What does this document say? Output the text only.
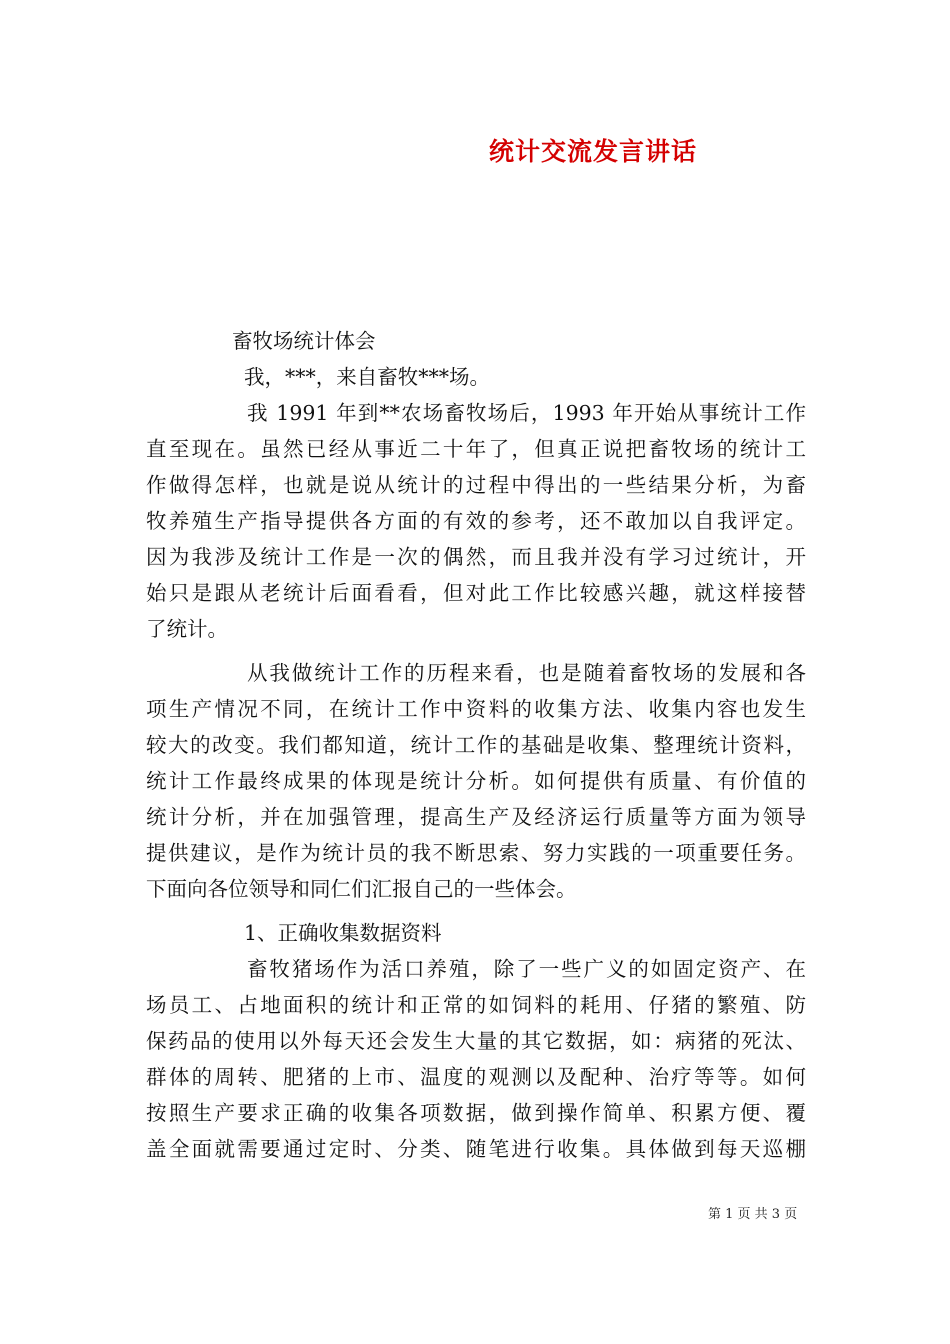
统计交流发言讲话
畜牧场统计体会
我，***，来自畜牧***场。
我 1991 年到**农场畜牧场后，1993 年开始从事统计工作
直至现在。虽然已经从事近二十年了，但真正说把畜牧场的统计工
作做得怎样，也就是说从统计的过程中得出的一些结果分析，为畜
牧养殖生产指导提供各方面的有效的参考，还不敢加以自我评定。
因为我涉及统计工作是一次的偶然，而且我并没有学习过统计，开
始只是跟从老统计后面看看，但对此工作比较感兴趣，就这样接替
了统计。
从我做统计工作的历程来看，也是随着畜牧场的发展和各
项生产情况不同，在统计工作中资料的收集方法、收集内容也发生
较大的改变。我们都知道，统计工作的基础是收集、整理统计资料，
统计工作最终成果的体现是统计分析。如何提供有质量、有价值的
统计分析，并在加强管理，提高生产及经济运行质量等方面为领导
提供建议，是作为统计员的我不断思索、努力实践的一项重要任务。
下面向各位领导和同仁们汇报自己的一些体会。
1、正确收集数据资料
畜牧猪场作为活口养殖，除了一些广义的如固定资产、在
场员工、占地面积的统计和正常的如饲料的耗用、仔猪的繁殖、防
保药品的使用以外每天还会发生大量的其它数据，如：病猪的死汰、
群体的周转、肥猪的上市、温度的观测以及配种、治疗等等。如何
按照生产要求正确的收集各项数据，做到操作简单、积累方便、覆
盖全面就需要通过定时、分类、随笔进行收集。具体做到每天巡棚
第 1 页 共 3 页
